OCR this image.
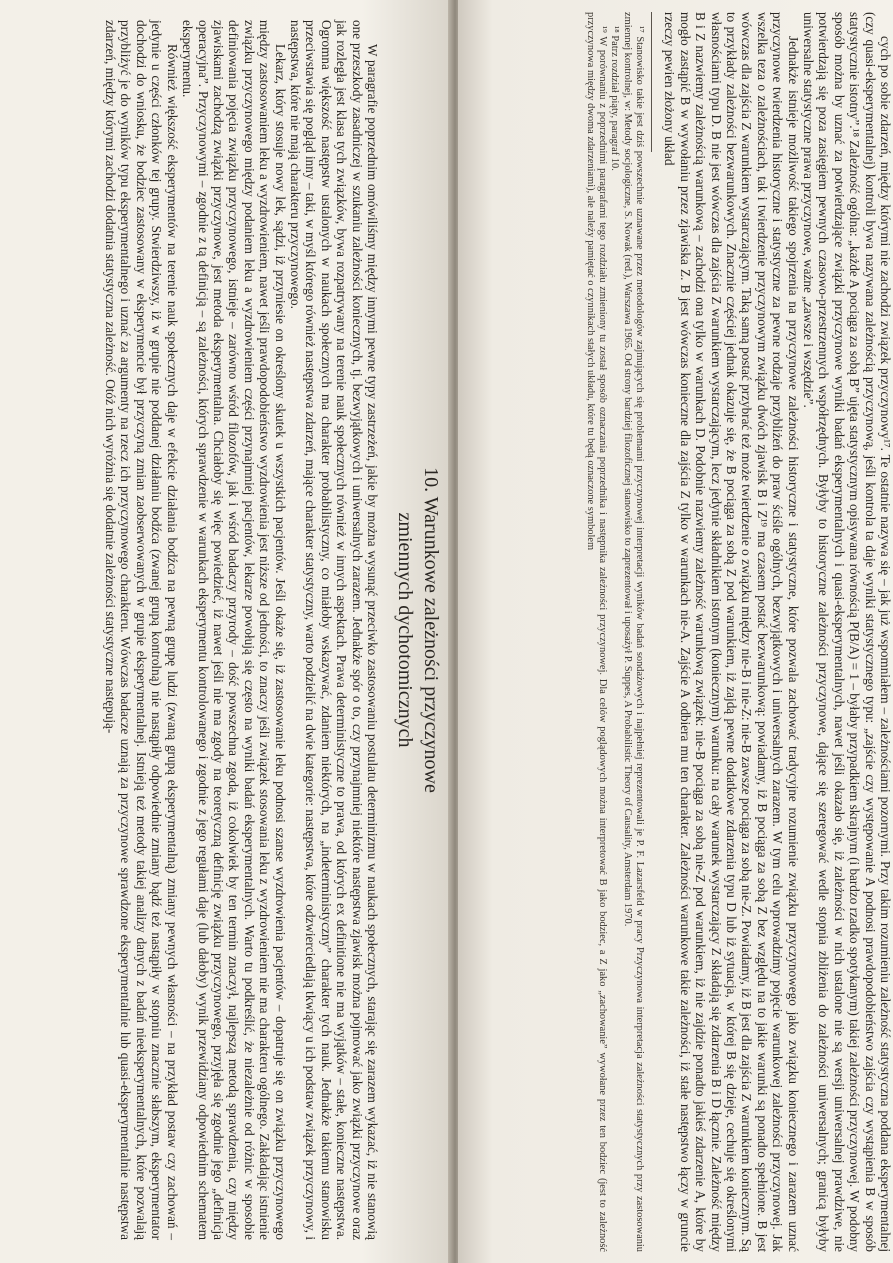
10. Warunkowe zależności przyczynowe
zmiennych dychotomicznych

W paragrafie poprzednim omówiliśmy między innymi pewne typy zastrzeżeń, jakie by można wysunąć przeciwko zastosowaniu postulatu determinizmu w naukach społecznych, starając się zarazem wykazać, iż nie stanowią one przeszkody zasadniczej w szukaniu zależności koniecznych, tj. bezwyjątkowych i uniwersalnych zarazem. Jednakże spór o to, czy przynajmniej niektóre następstwa zjawisk można pojmować jako związki przyczynowe oraz jak rozległa jest klasa tych związków, bywa rozpatrywany na terenie nauk społecznych również w innych aspektach. Prawa deterministyczne to prawa, od których ex definitione nie ma wyjątków – stałe, konieczne następstwa. Ogromna większość następstw ustalonych w naukach społecznych ma charakter probabilistyczny, co miałoby wskazywać, zdaniem niektórych, na „indeterministyczny” charakter tych nauk. Jednakże takiemu stanowisku przeciwstawia się pogląd inny – taki, w myśl którego również następstwa zdarzeń, mające charakter statystyczny, warto podzielić na dwie kategorie: następstwa, które odzwierciedlają tkwiący u ich podstaw związek przyczynowy, i następstwa, które nie mają charakteru przyczynowego.

Lekarz, który stosuje nowy lek, sądzi, iż przyniesie on określony skutek u wszystkich pacjentów. Jeśli okaże się, iż zastosowanie leku podnosi szanse wyzdrowienia pacjentów – dopatruje się on związku przyczynowego między zastosowaniem leku a wyzdrowieniem, nawet jeśli prawdopodobieństwo wyzdrowienia jest niższe od jedności, to znaczy jeśli związek stosowania leku z wyzdrowieniem nie ma charakteru ogólnego. Zakładając istnienie związku przyczynowego między podaniem leku a wyzdrowieniem części przynajmniej pacjentów, lekarze powołują się często na wyniki badań eksperymentalnych. Warto tu podkreślić, że niezależnie od różnic w sposobie definiowania pojęcia związku przyczynowego, istnieje – zarówno wśród filozofów, jak i wśród badaczy przyrody – dość powszechna zgoda, iż cokolwiek by ten termin znaczył, najlepszą metodą sprawdzenia, czy między zjawiskami zachodzą związki przyczynowe, jest metoda eksperymentalna. Chciałoby się więc powiedzieć, iż nawet jeśli nie ma zgody na teoretyczną definicję związku przyczynowego, przyjęła się zgodnie jego „definicja operacyjna”. Przyczynowymi – zgodnie z tą definicją – są zależności, których sprawdzenie w warunkach eksperymentu kontrolowanego i zgodnie z jego regułami daje (lub dałoby) wynik przewidziany odpowiednim schematem eksperymentu.

Również większość eksperymentów na terenie nauk społecznych daje w efekcie działania bodźca na pewną grupę ludzi (zwaną grupą eksperymentalną) zmiany pewnych własności – na przykład postaw czy zachowań – jedynie u części członków tej grupy. Stwierdziwszy, iż w grupie nie poddanej działaniu bodźca (zwanej grupą kontrolną) nie nastąpiły odpowiednie zmiany bądź też nastąpiły w stopniu znacznie słabszym, eksperymentator dochodzi do wniosku, że bodziec zastosowany w eksperymencie był przyczyną zmian zaobserwowanych w grupie eksperymentalnej. Istnieją też metody takiej analizy danych z badań nieeksperymentalnych, które pozwalają przybliżyć je do wyników typu eksperymentalnego i uznać za argumenty na rzecz ich przyczynowego charakteru. Wówczas badacze uznają za przyczynowe sprawdzone eksperymentalnie lub quasi-eksperymentalnie następstwa zdarzeń, między którymi zachodzi dodatnia statystyczna zależność. Otóż nich wyróżnia się dodatnie zależności statystyczne następują-	cych po sobie zdarzeń, między którymi nie zachodzi związek przyczynowy¹⁷. Te ostatnie nazywa się – jak już wspomniałem – zależnościami pozornymi. Przy takim rozumieniu zależność statystyczna poddana eksperymentalnej (czy quasi-eksperymentalnej) kontroli bywa nazywana zależnością przyczynową, jeśli kontrola ta daje wyniki statystycznego typu: „zajście czy występowanie A podnosi prawdopodobieństwo zajścia czy wystąpienia B w sposób statystycznie istotny”.¹⁸ Zależność ogólna: „każde A pociąga za sobą B” ujęta statystycznym opisywana równością P(B/A) = 1 – byłaby przypadkiem skrajnym (i bardzo rzadko spotykanym) takiej zależności przyczynowej. W podobny sposób można by uznać za potwierdzające związki przyczynowe wyniki badań eksperymentalnych i quasi-eksperymentalnych, nawet jeśli okazało się, iż zależności w nich ustalone nie są wersji uniwersalnej prawdziwe, nie potwierdzają się poza zasięgiem pewnych czasowo-przestrzennych współrzędnych. Byłyby to historyczne zależności przyczynowe, dające się szeregować wedle stopnia zbliżenia do zależności uniwersalnych; granicą byłyby uniwersalne statystyczne prawa przyczynowe, ważne „zawsze i wszędzie”.

Jednakże istnieje możliwość takiego spojrzenia na przyczynowe zależności historyczne i statystyczne, które pozwala zachować tradycyjne rozumienie związku przyczynowego jako związku koniecznego i zarazem uznać przyczynowe twierdzenia historyczne i statystyczne za pewne rodzaje przybliżeń do praw ściśle ogólnych, bezwyjątkowych i uniwersalnych zarazem. W tym celu wprowadzimy pojęcie warunkowej zależności przyczynowej. Jak wszelka teza o zależnościach, tak i twierdzenie przyczynowym związku dwóch zjawisk B i Z¹⁹ ma czasem postać bezwarunkową: powiadamy, iż B pociąga za sobą Z bez względu na to jakie warunki są ponadto spełnione. B jest wówczas dla zajścia Z warunkiem wystarczającym. Taką samą postać przybrać też może twierdzenie o związku między nie-B i nie-Z: nie-B zawsze pociąga za sobą nie-Z. Powiadamy, iż B jest dla zajścia Z warunkiem koniecznym. Są to przykłady zależności bezwarunkowych. Znacznie częściej jednak okazuje się, że B pociąga za sobą Z pod warunkiem, iż zajdą pewne dodatkowe zdarzenia typu D lub iż sytuacja, w której B się dzieje, cechuje się określonymi własnościami typu D. B nie jest wówczas dla zajścia Z warunkiem wystarczającym, lecz jedynie składnikiem istotnym (koniecznym) warunku: na cały warunek wystarczający Z składają się zdarzenia B i D łącznie. Zależność między B i Z nazwiemy zależnością warunkową – zachodzi ona tylko w warunkach D. Podobnie nazwiemy zależność warunkową związek: nie-B pociąga za sobą nie-Z pod warunkiem, iż nie zajdzie ponadto jakieś zdarzenie A, które by mogło zastąpić B w wywołaniu przez zjawiska Z. B jest wówczas konieczne dla zajścia Z tylko w warunkach nie-A. Zajście A odbiera mu ten charakter. Zależności warunkowe takie zależności, iż stałe następstwo łączy w gruncie rzeczy pewien złożony układ

¹⁷ Stanowisko takie jest dziś powszechnie uznawane przez metodologów zajmujących się problemami przyczynowej interpretacji wyników badań sondażowych i najpełniej reprezentowali je P. F. Lazarsfeld w pracy Przyczynowa interpretacja zależności statystycznych przy zastosowaniu zmiennej kontrolnej, w: Metody socjologiczne, S. Nowak (red.), Warszawa 1965. Od strony bardziej filozoficznej stanowisko to zaprezentował i uposażył P. Suppes, A Probabilistic Theory of Causality, Amsterdam 1970.

¹⁸ Patrz rozdział piąty, paragraf 10.

¹⁹ W porównaniu z poprzednimi paragrafami tego rozdziału zmieniony tu został sposób oznaczania poprzednika i następnika zależności przyczynowej. Dla celów poglądowych można interpretować B jako bodziec, a Z jako „zachowanie” wywołane przez ten bodziec (jest to zależność przyczynowa między dwoma zdarzeniami), ale należy pamiętać o czynnikach stałych układu, które tu będą oznaczone symbolem
